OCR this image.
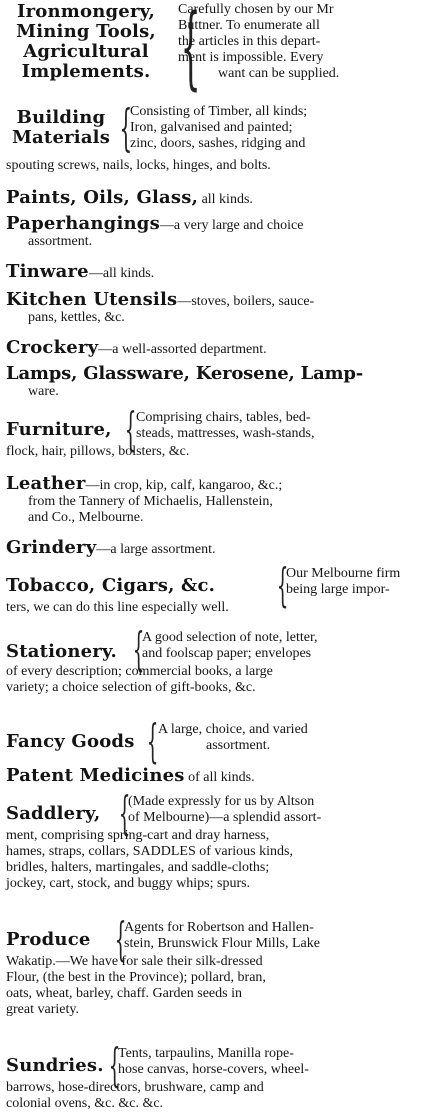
Ironmongery,
Mining Tools,
Agricultural
Implements. {
Carefully chosen by our Mr
Buttner. To enumerate all
the articles in this depart-
ment is impossible. Every
want can be supplied.
Building
Materials {
Consisting of Timber, all kinds;
Iron, galvanised and painted;
zinc, doors, sashes, ridging and
spouting screws, nails, locks, hinges, and bolts.
Paints, Oils, Glass, all kinds.
Paperhangings—a very large and choice
assortment.
Tinware—all kinds.
Kitchen Utensils—stoves, boilers, sauce-
pans, kettles, &c.
Crockery—a well-assorted department.
Lamps, Glassware, Kerosene, Lamp-
ware.
Furniture, { Comprising chairs, tables, bed-
steads, mattresses, wash-stands,
flock, hair, pillows, bolsters, &c.
Leather—in crop, kip, calf, kangaroo, &c.;
from the Tannery of Michaelis, Hallenstein,
and Co., Melbourne.
Grindery—a large assortment.
Tobacco, Cigars, &c. {
Our Melbourne firm
being large impor-
ters, we can do this line especially well.
Stationery. {
A good selection of note, letter,
and foolscap paper; envelopes
of every description; commercial books, a large
variety; a choice selection of gift-books, &c.
Fancy Goods { A large, choice, and varied
assortment.
Patent Medicines of all kinds.
Saddlery, {
(Made expressly for us by Altson
of Melbourne)—a splendid assort-
ment, comprising spring-cart and dray harness,
hames, straps, collars, SADDLES of various kinds,
bridles, halters, martingales, and saddle-cloths;
jockey, cart, stock, and buggy whips; spurs.
Produce {
Agents for Robertson and Hallen-
stein, Brunswick Flour Mills, Lake
Wakatip.—We have for sale their silk-dressed
Flour, (the best in the Province); pollard, bran,
oats, wheat, barley, chaff. Garden seeds in
great variety.
Sundries. {
Tents, tarpaulins, Manilla rope-
hose canvas, horse-covers, wheel-
barrows, hose-directors, brushware, camp and
colonial ovens, &c. &c. &c.
